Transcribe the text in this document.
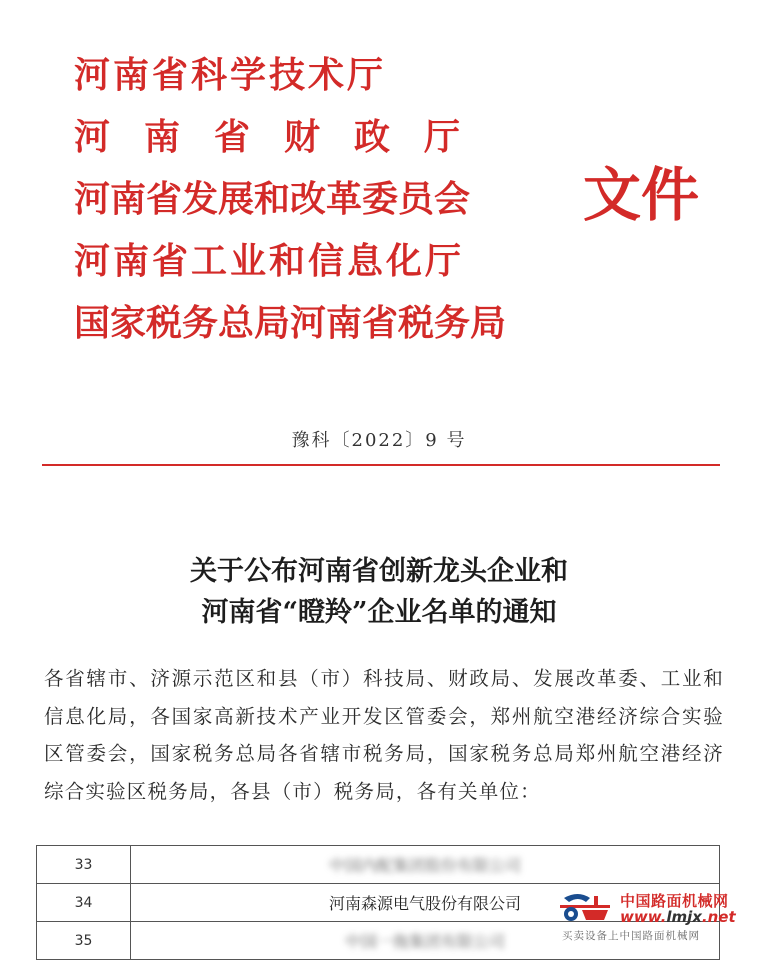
河南省科学技术厅
河南省财政厅
河南省发展和改革委员会
河南省工业和信息化厅
国家税务总局河南省税务局
文件
豫科〔2022〕9 号
关于公布河南省创新龙头企业和
河南省“瞪羚”企业名单的通知
各省辖市、济源示范区和县（市）科技局、财政局、发展改革委、工业和信息化局，各国家高新技术产业开发区管委会，郑州航空港经济综合实验区管委会，国家税务总局各省辖市税务局，国家税务总局郑州航空港经济综合实验区税务局，各县（市）税务局，各有关单位：
33	中国内配集团股份有限公司
34	河南森源电气股份有限公司
35	中国一拖集团有限公司
中国路面机械网
www.lmjx.net
买卖设备上中国路面机械网
